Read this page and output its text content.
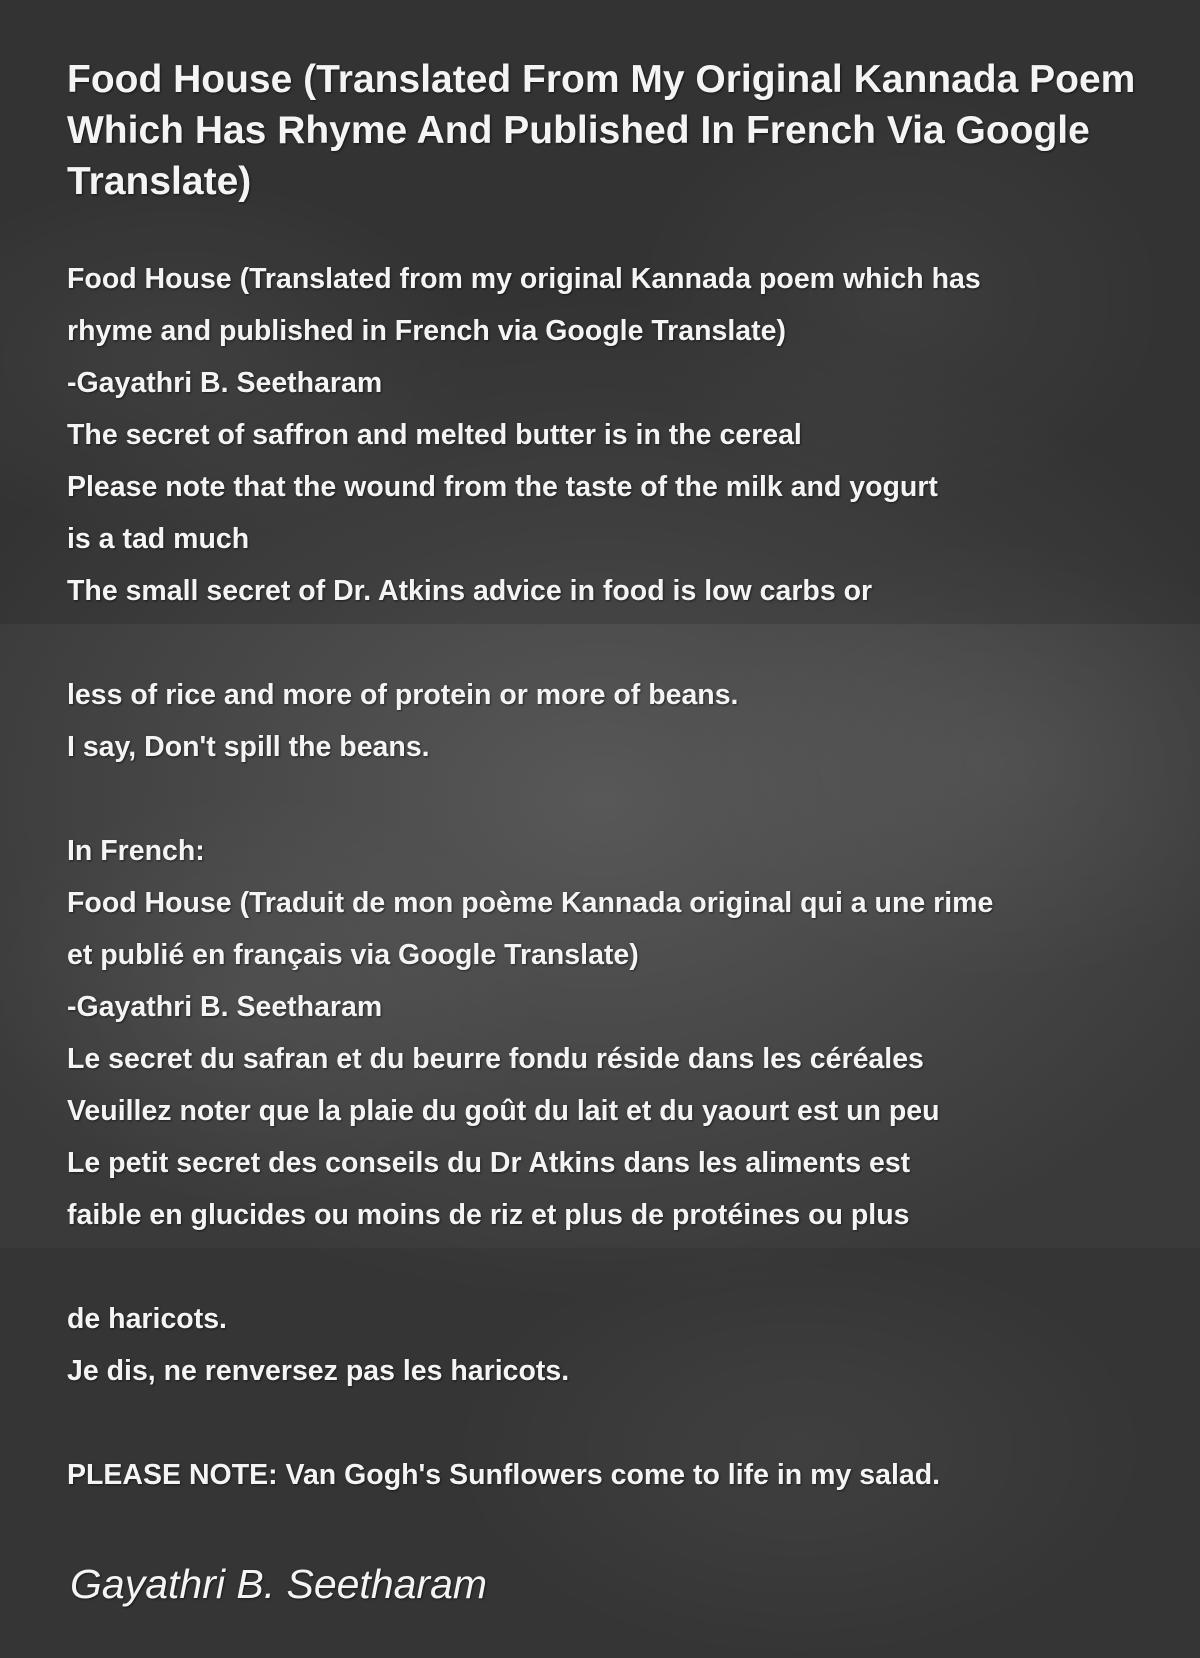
Food House (Translated From My Original Kannada Poem Which Has Rhyme And Published In French Via Google Translate)
Food House (Translated from my original Kannada poem which has
rhyme and published in French via Google Translate)
-Gayathri B. Seetharam
The secret of saffron and melted butter is in the cereal
Please note that the wound from the taste of the milk and yogurt
is a tad much
The small secret of Dr. Atkins advice in food is low carbs or
less of rice and more of protein or more of beans.
I say, Don't spill the beans.
In French:
Food House (Traduit de mon poème Kannada original qui a une rime
et publié en français via Google Translate)
-Gayathri B. Seetharam
Le secret du safran et du beurre fondu réside dans les céréales
Veuillez noter que la plaie du goût du lait et du yaourt est un peu
Le petit secret des conseils du Dr Atkins dans les aliments est
faible en glucides ou moins de riz et plus de protéines ou plus
de haricots.
Je dis, ne renversez pas les haricots.
PLEASE NOTE: Van Gogh's Sunflowers come to life in my salad.

Gayathri B. Seetharam
